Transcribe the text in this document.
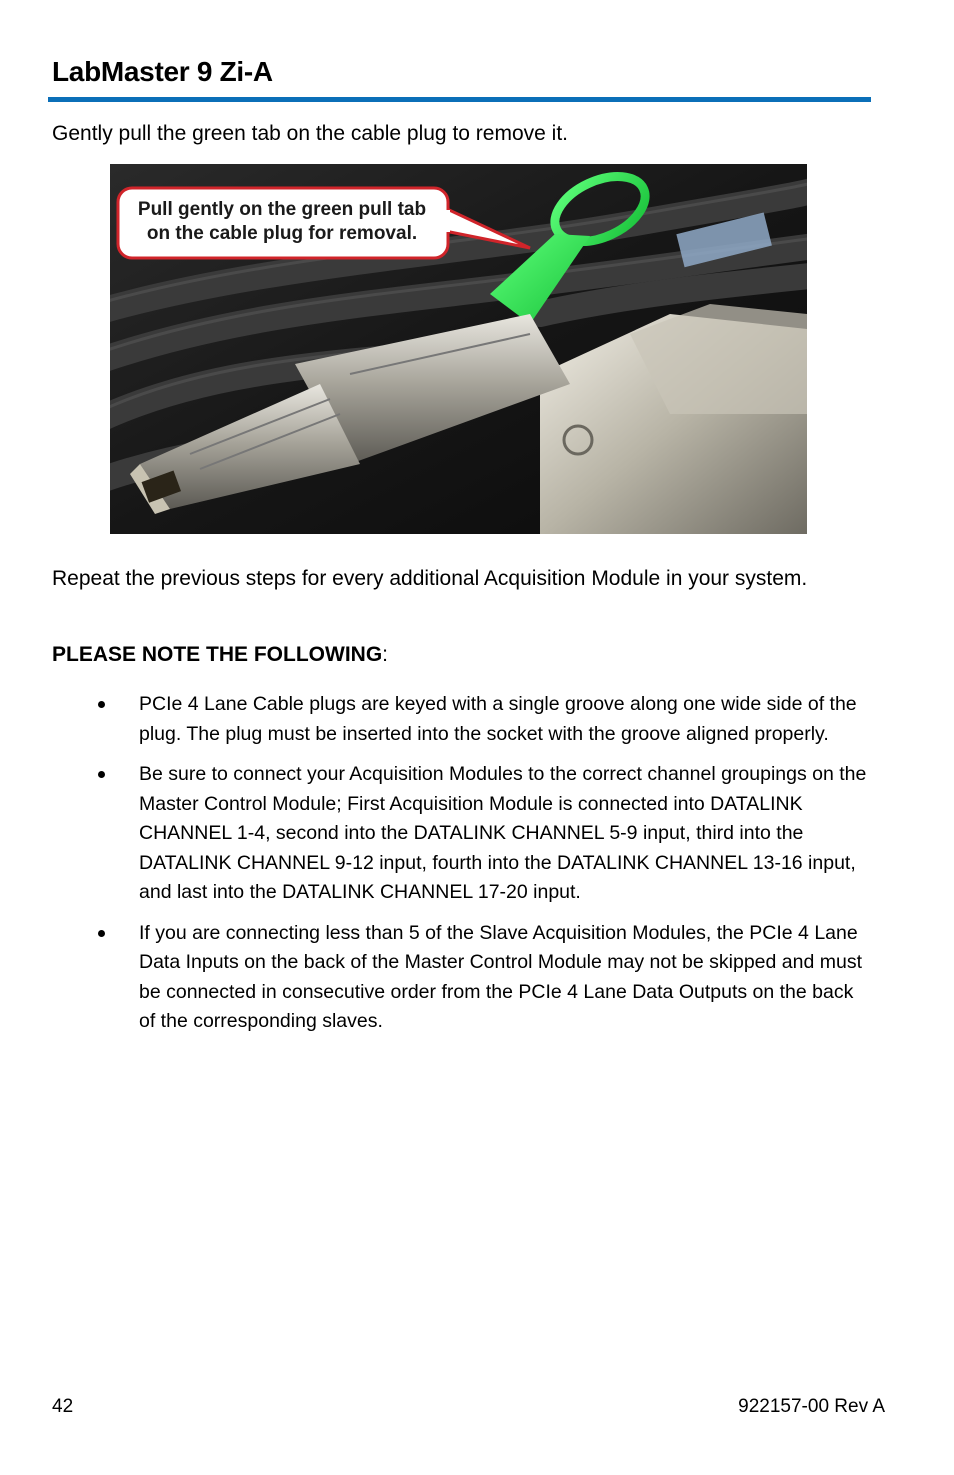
LabMaster 9 Zi-A

Gently pull the green tab on the cable plug to remove it.

Pull gently on the green pull tab
on the cable plug for removal.

Repeat the previous steps for every additional Acquisition Module in your system.

PLEASE NOTE THE FOLLOWING:

PCIe 4 Lane Cable plugs are keyed with a single groove along one wide side of the plug. The plug must be inserted into the socket with the groove aligned properly.
Be sure to connect your Acquisition Modules to the correct channel groupings on the Master Control Module; First Acquisition Module is connected into DATALINK CHANNEL 1-4, second into the DATALINK CHANNEL 5-9 input, third into the DATALINK CHANNEL 9-12 input, fourth into the DATALINK CHANNEL 13-16 input, and last into the DATALINK CHANNEL 17-20 input.
If you are connecting less than 5 of the Slave Acquisition Modules, the PCIe 4 Lane Data Inputs on the back of the Master Control Module may not be skipped and must be connected in consecutive order from the PCIe 4 Lane Data Outputs on the back of the corresponding slaves.
42	922157-00 Rev A
